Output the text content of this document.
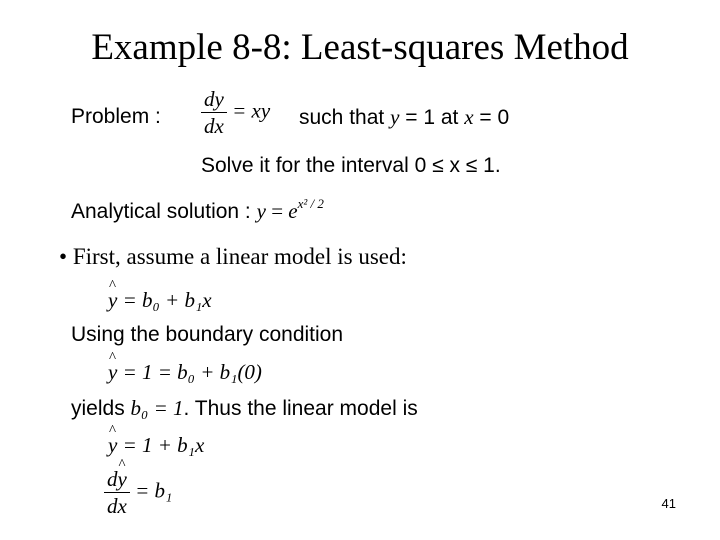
Example 8-8: Least-squares Method
Problem : $\frac{dy}{dx}$ = xy such that y = 1 at x = 0
Solve it for the interval 0 ≤ x ≤ 1.
Analytical solution : $y = e^{x^2 / 2}$
• First, assume a linear model is used:
^ y = b₀ + b₁x
Using the boundary condition
^ y = 1 = b₀ + b₁(0)
yields b₀ = 1. Thus the linear model is
^ y = 1 + b₁x
$\frac{d\^{} y}{dx} = b_1$
41
